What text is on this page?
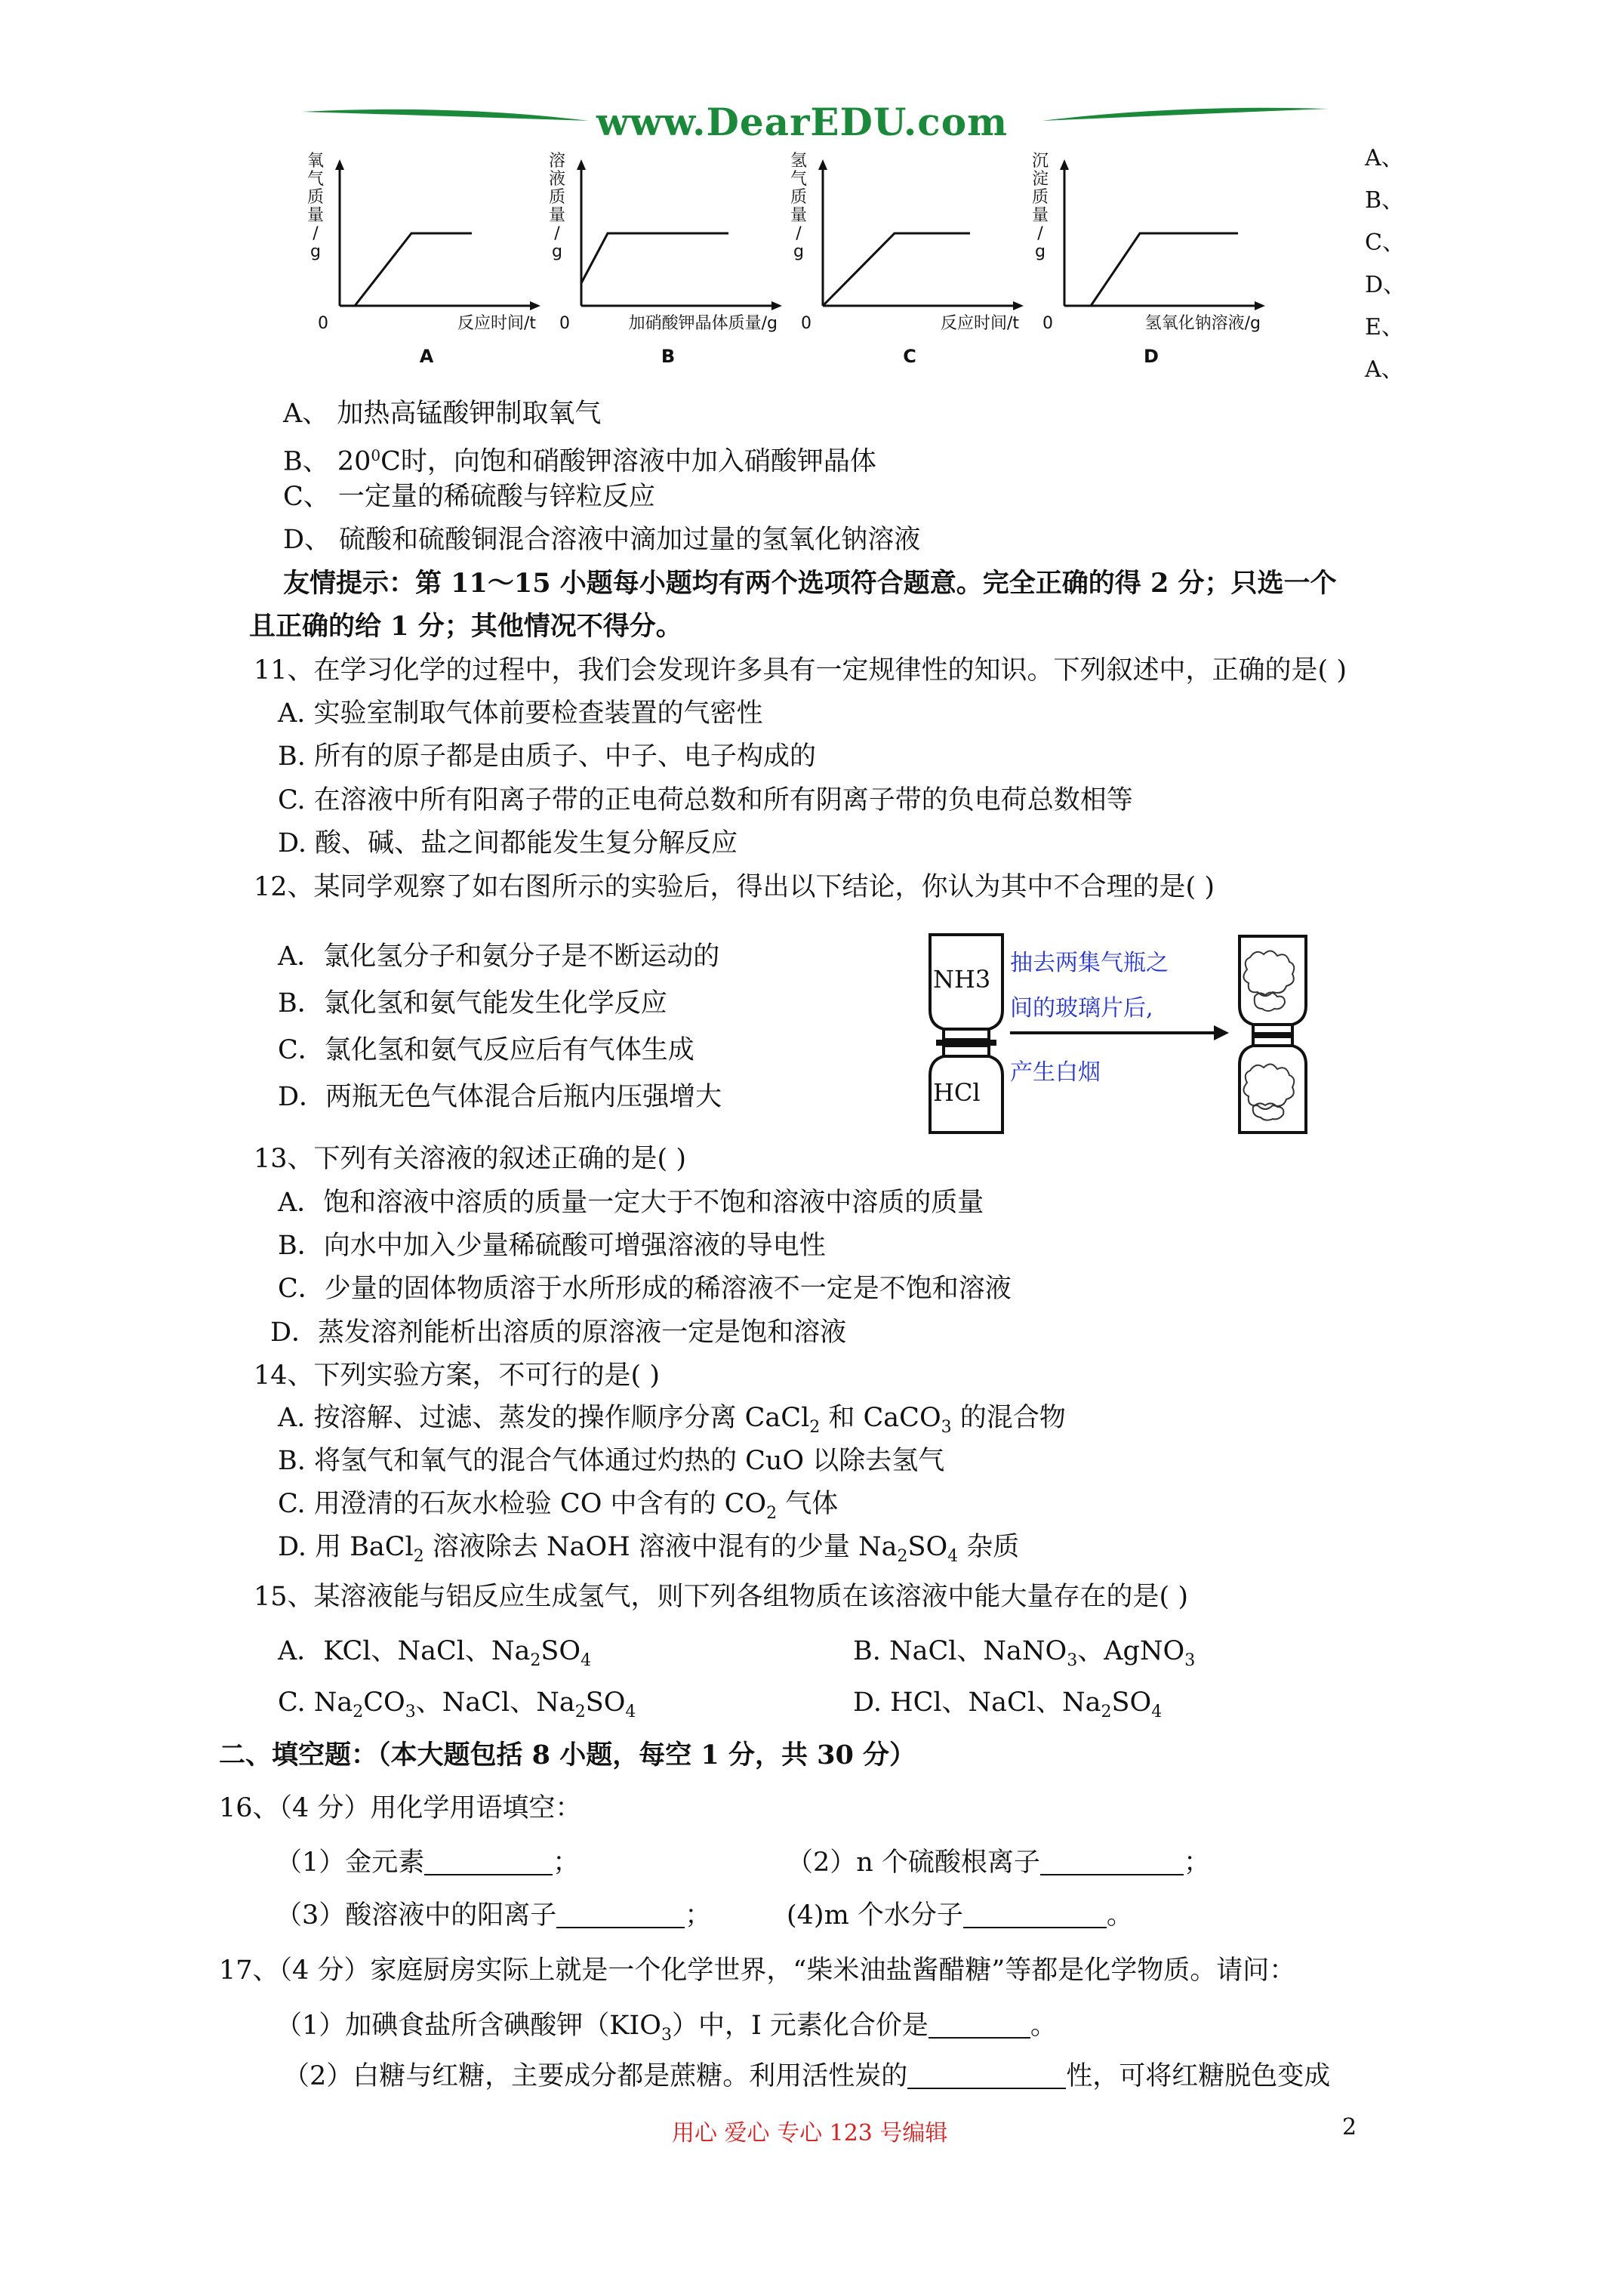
www.DearEDU.com
A、
B、
C、
D、
E、
A、
氧
气
质
量
/
g
0	反应时间/t
A
溶
液
质
量
/
g
0	加硝酸钾晶体质量/g
B
氢
气
质
量
/
g
0	反应时间/t
C
沉
淀
质
量
/
g
0	氢氧化钠溶液/g
D
A、 加热高锰酸钾制取氧气
B、 $20^0C$时，向饱和硝酸钾溶液中加入硝酸钾晶体
C、 一定量的稀硫酸与锌粒反应
D、 硫酸和硫酸铜混合溶液中滴加过量的氢氧化钠溶液
友情提示：第 11～15 小题每小题均有两个选项符合题意。完全正确的得 2 分；只选一个
且正确的给 1 分；其他情况不得分。
11、在学习化学的过程中，我们会发现许多具有一定规律性的知识。下列叙述中，正确的是( )
A. 实验室制取气体前要检查装置的气密性
B. 所有的原子都是由质子、中子、电子构成的
C. 在溶液中所有阳离子带的正电荷总数和所有阴离子带的负电荷总数相等
D. 酸、碱、盐之间都能发生复分解反应
12、某同学观察了如右图所示的实验后，得出以下结论，你认为其中不合理的是( )
A．氯化氢分子和氨分子是不断运动的
B．氯化氢和氨气能发生化学反应
C．氯化氢和氨气反应后有气体生成
D．两瓶无色气体混合后瓶内压强增大
NH3
HCl
抽去两集气瓶之
间的玻璃片后,
产生白烟
13、下列有关溶液的叙述正确的是( )
A．饱和溶液中溶质的质量一定大于不饱和溶液中溶质的质量
B．向水中加入少量稀硫酸可增强溶液的导电性
C．少量的固体物质溶于水所形成的稀溶液不一定是不饱和溶液
D．蒸发溶剂能析出溶质的原溶液一定是饱和溶液
14、下列实验方案，不可行的是( )
A. 按溶解、过滤、蒸发的操作顺序分离 CaCl$_2$ 和 CaCO$_3$ 的混合物
B. 将氢气和氧气的混合气体通过灼热的 CuO 以除去氢气
C. 用澄清的石灰水检验 CO 中含有的 $CO_2$ 气体
D. 用 BaCl$_2$ 溶液除去 NaOH 溶液中混有的少量 $Na_2SO_4$ 杂质
15、某溶液能与铝反应生成氢气，则下列各组物质在该溶液中能大量存在的是( )
A．KCl、NaCl、$Na_2SO_4$	B. NaCl、NaNO$_3$、AgNO$_3$
C. $Na_2CO_3$、NaCl、$Na_2SO_4$	D. HCl、NaCl、$Na_2SO_4$
二、填空题：（本大题包括 8 小题，每空 1 分，共 30 分）
16、（4 分）用化学用语填空：
（1）金元素	；	（2）n 个硫酸根离子	；
（3）酸溶液中的阳离子	；	(4)m 个水分子	。
17、（4 分）家庭厨房实际上就是一个化学世界，“柴米油盐酱醋糖”等都是化学物质。请问：
（1）加碘食盐所含碘酸钾$(KIO_3)$中，I 元素化合价是	。
（2）白糖与红糖，主要成分都是蔗糖。利用活性炭的	性，可将红糖脱色变成
用心 爱心 专心 123 号编辑	2
